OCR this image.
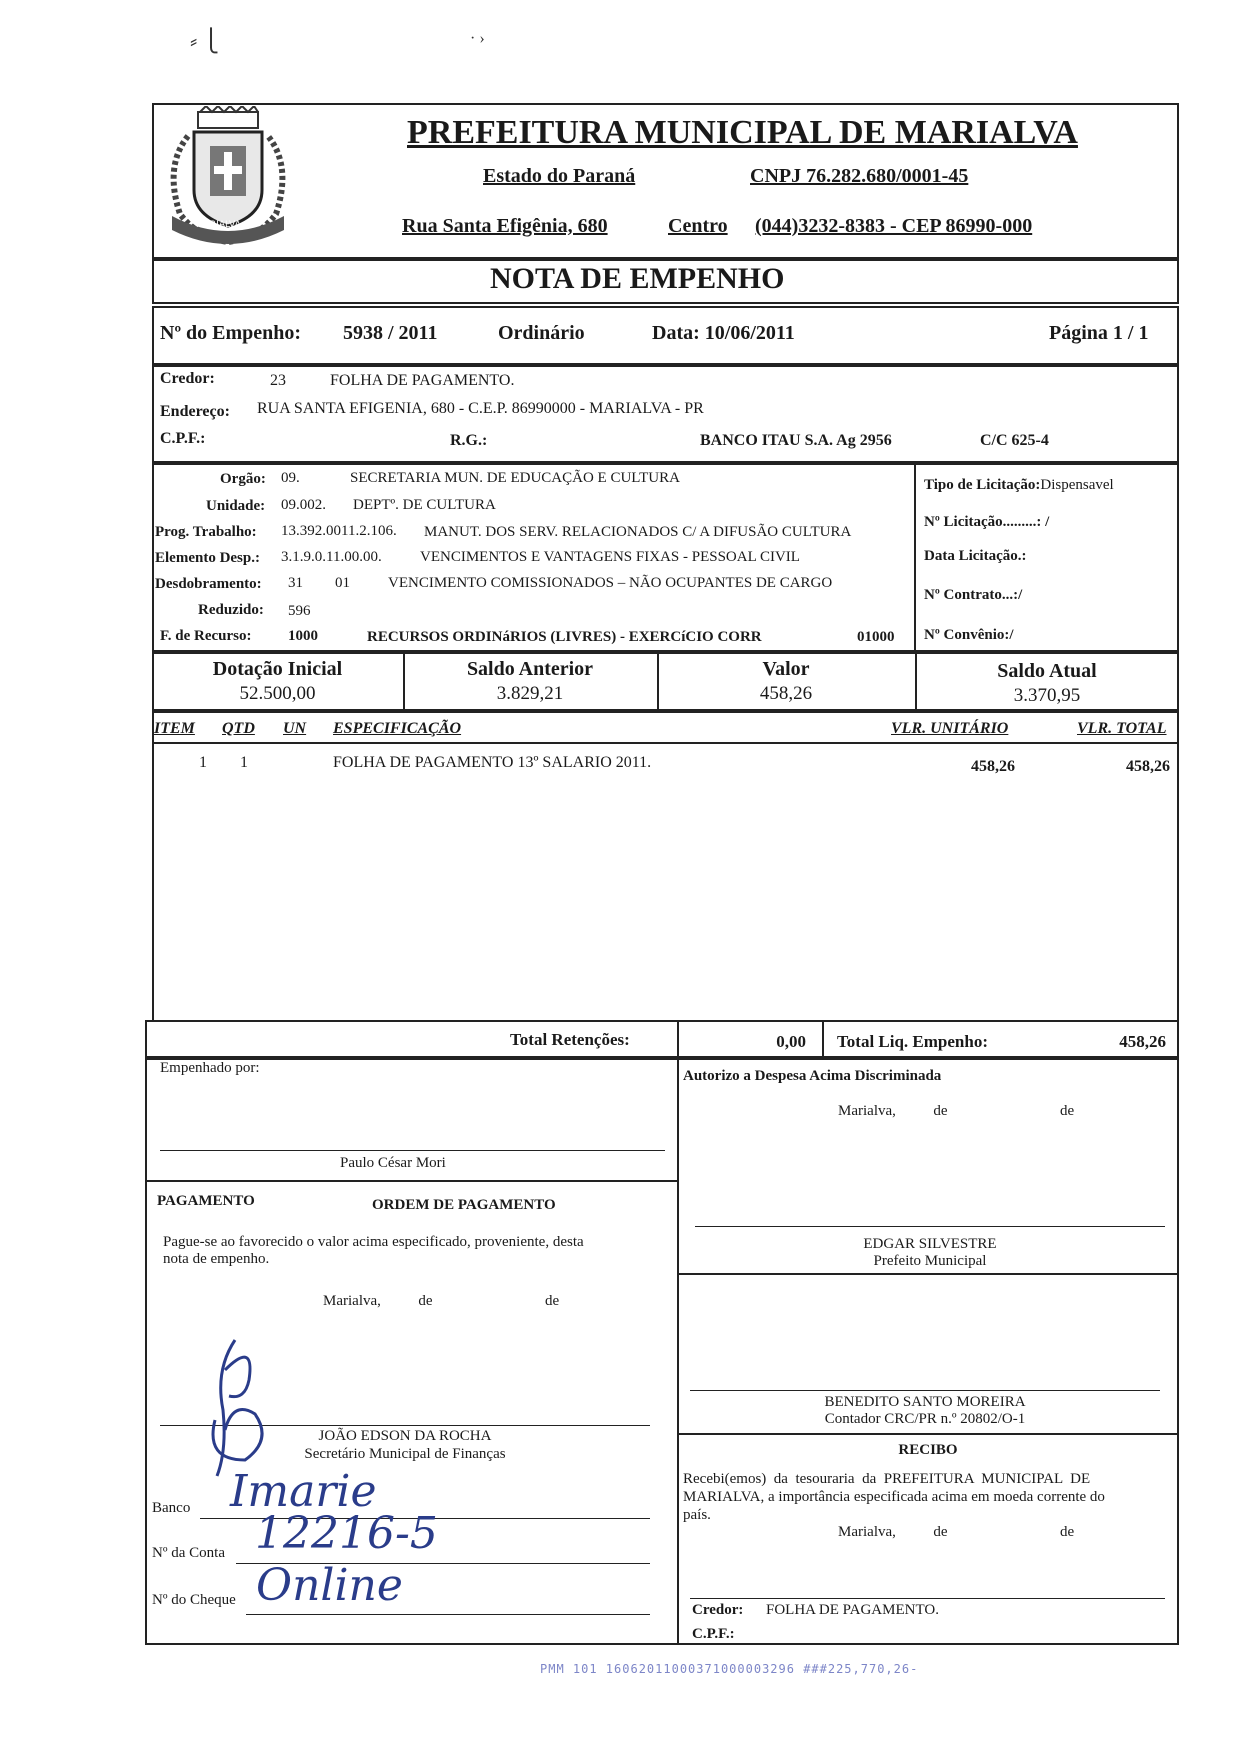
⸗ ⎩	· ›
MARIALVA
PREFEITURA MUNICIPAL DE MARIALVA
Estado do Paraná	CNPJ 76.282.680/0001-45
Rua Santa Efigênia, 680	Centro (044)3232-8383 - CEP 86990-000
NOTA DE EMPENHO
Nº do Empenho: 5938 / 2011	Ordinário	Data: 10/06/2011	Página 1 / 1
Credor:	23	FOLHA DE PAGAMENTO.
Endereço: RUA SANTA EFIGENIA, 680 - C.E.P. 86990000 - MARIALVA - PR
C.P.F.:	R.G.:	BANCO ITAU S.A. Ag 2956	C/C 625-4
Orgão: 09.	SECRETARIA MUN. DE EDUCAÇÃO E CULTURA
Unidade: 09.002. DEPTº. DE CULTURA
Prog. Trabalho: 13.392.0011.2.106. MANUT. DOS SERV. RELACIONADOS C/ A DIFUSÃO CULTURA
Elemento Desp.: 3.1.9.0.11.00.00.	VENCIMENTOS E VANTAGENS FIXAS - PESSOAL CIVIL
Desdobramento: 31 01	VENCIMENTO COMISSIONADOS – NÃO OCUPANTES DE CARGO
Reduzido: 596
F. de Recurso: 1000	RECURSOS ORDINáRIOS (LIVRES) - EXERCíCIO CORR	01000
Tipo de Licitação:Dispensavel
Nº Licitação.........: /
Data Licitação.:
Nº Contrato...:/
Nº Convênio:/
Dotação Inicial
52.500,00
Saldo Anterior
3.829,21
Valor
458,26
Saldo Atual
3.370,95
ITEM QTD UN ESPECIFICAÇÃO	VLR. UNITÁRIO	VLR. TOTAL
1 1	FOLHA DE PAGAMENTO 13º SALARIO 2011.	458,26	458,26
Total Retenções:	0,00 Total Liq. Empenho:	458,26
Empenhado por:
Paulo César Mori
Autorizo a Despesa Acima Discriminada
Marialva,          de                              de
PAGAMENTO	ORDEM DE PAGAMENTO
Pague-se ao favorecido o valor acima especificado, proveniente, desta
nota de empenho.
Marialva,          de                              de
EDGAR SILVESTRE
Prefeito Municipal
JOÃO EDSON DA ROCHA
Secretário Municipal de Finanças
BENEDITO SANTO MOREIRA
Contador CRC/PR n.º 20802/O-1
RECIBO
Recebi(emos)  da  tesouraria  da  PREFEITURA  MUNICIPAL  DE
MARIALVA, a importância especificada acima em moeda corrente do
país.
Marialva,          de                              de
Credor: FOLHA DE PAGAMENTO.
C.P.F.:
Banco Imarie
Nº da Conta 12216-5
Nº do Cheque Online
PMM 101 16062011000371000003296 ###225,770,26-
